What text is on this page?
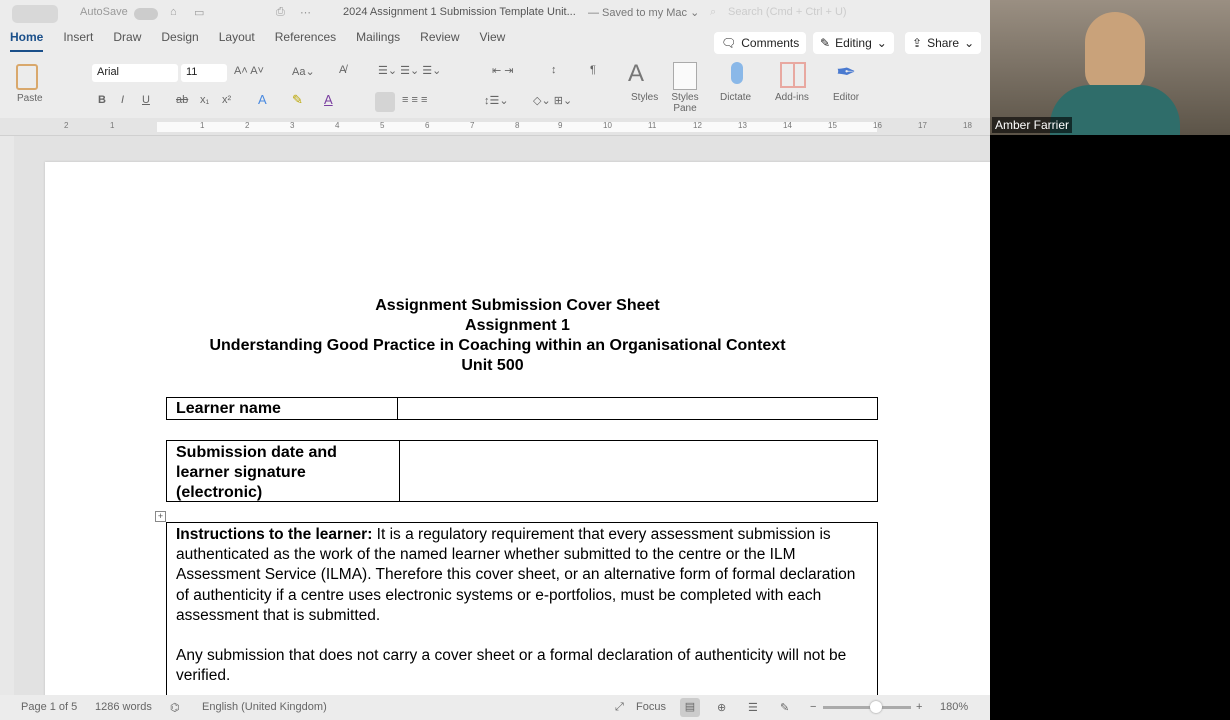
AutoSave	⌂ ▭	⎙ ⋯	2024 Assignment 1 Submission Template Unit... — Saved to my Mac ⌄ ⌕ Search (Cmd + Ctrl + U)
Home Insert Draw Design Layout References Mailings Review View	🗨 Comments ✎ Editing ⌄ ⇪ Share ⌄
Paste
Arial	11	A˄ A˅	Aa⌄ A̸
B I U ab x₁ x² A ✎ A
☰⌄ ☰⌄ ☰⌄	⇤ ⇥	↕	¶
≡ ≡ ≡	↕☰⌄ ◇⌄ ⊞⌄
A
Styles Styles Pane
Dictate Add-ins
✒
Editor
2	1	1	2	3	4	5	6	7	8	9	10	11	12	13	14	15	16	17	18
Assignment Submission Cover Sheet
Assignment 1
Understanding Good Practice in Coaching within an Organisational Context
Unit 500
Learner name
Submission date and learner signature (electronic)
+

Instructions to the learner: It is a regulatory requirement that every assessment submission is authenticated as the work of the named learner whether submitted to the centre or the ILM Assessment Service (ILMA). Therefore this cover sheet, or an alternative form of formal declaration of authenticity if a centre uses electronic systems or e-portfolios, must be completed with each assessment that is submitted.

Any submission that does not carry a cover sheet or a formal declaration of authenticity will not be verified.

Page 1 of 5 1286 words ⌬ English (United Kingdom)	⤢ Focus	▤	⊕ ☰ ✎ −	+ 180%
Amber Farrier
